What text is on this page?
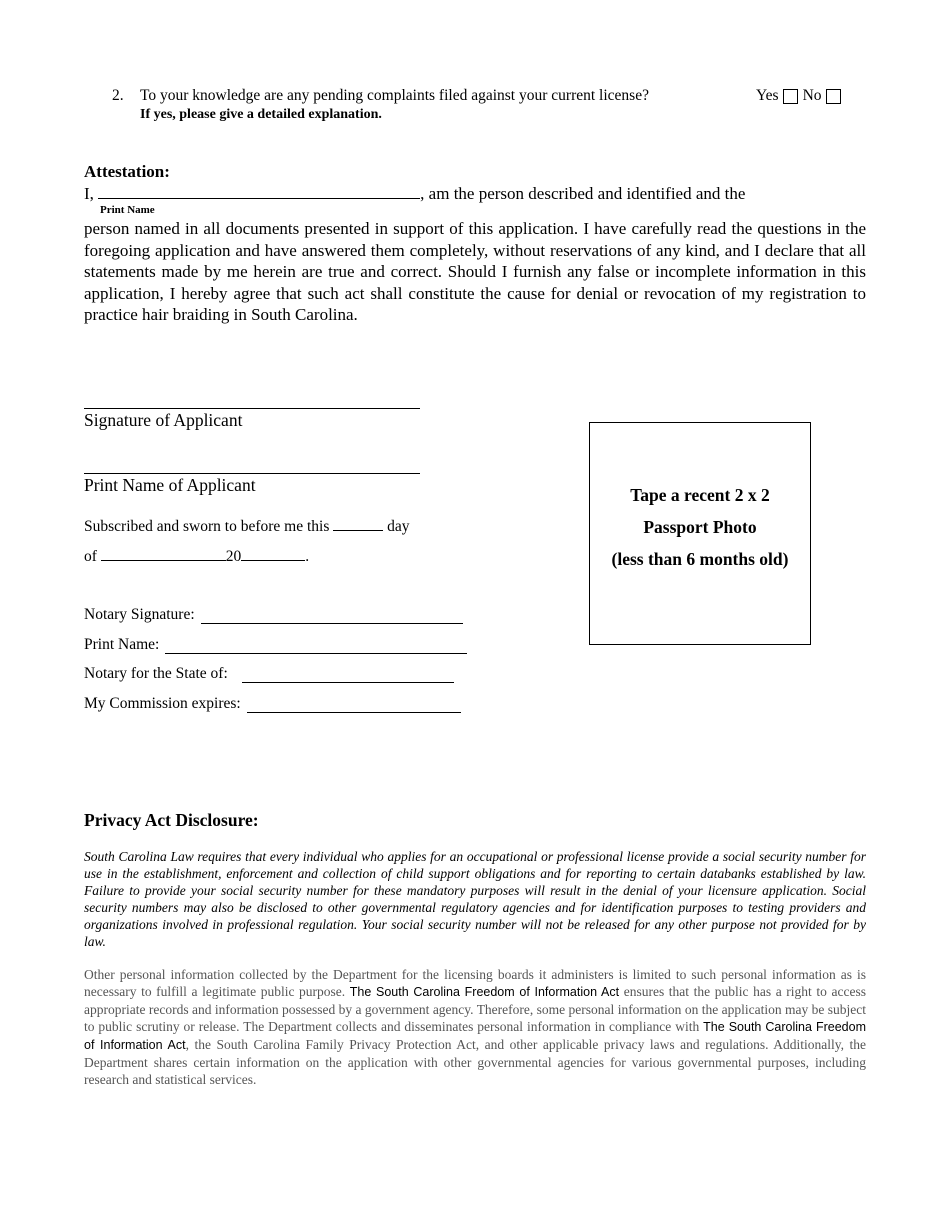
2. To your knowledge are any pending complaints filed against your current license?	Yes No
If yes, please give a detailed explanation.
Attestation:
I,	, am the person described and identified and the
Print Name
person named in all documents presented in support of this application. I have carefully read the questions in the foregoing application and have answered them completely, without reservations of any kind, and I declare that all statements made by me herein are true and correct. Should I furnish any false or incomplete information in this application, I hereby agree that such act shall constitute the cause for denial or revocation of my registration to practice hair braiding in South Carolina.
Signature of Applicant
Print Name of Applicant
Subscribed and sworn to before me this	day
of	20	.
Notary Signature:
Print Name:
Notary for the State of:
My Commission expires:
Tape a recent 2 x 2
Passport Photo
(less than 6 months old)
Privacy Act Disclosure:
South Carolina Law requires that every individual who applies for an occupational or professional license provide a social security number for use in the establishment, enforcement and collection of child support obligations and for reporting to certain databanks established by law. Failure to provide your social security number for these mandatory purposes will result in the denial of your licensure application. Social security numbers may also be disclosed to other governmental regulatory agencies and for identification purposes to testing providers and organizations involved in professional regulation. Your social security number will not be released for any other purpose not provided for by law.
Other personal information collected by the Department for the licensing boards it administers is limited to such personal information as is necessary to fulfill a legitimate public purpose. The South Carolina Freedom of Information Act ensures that the public has a right to access appropriate records and information possessed by a government agency. Therefore, some personal information on the application may be subject to public scrutiny or release. The Department collects and disseminates personal information in compliance with The South Carolina Freedom of Information Act, the South Carolina Family Privacy Protection Act, and other applicable privacy laws and regulations. Additionally, the Department shares certain information on the application with other governmental agencies for various governmental purposes, including research and statistical services.
